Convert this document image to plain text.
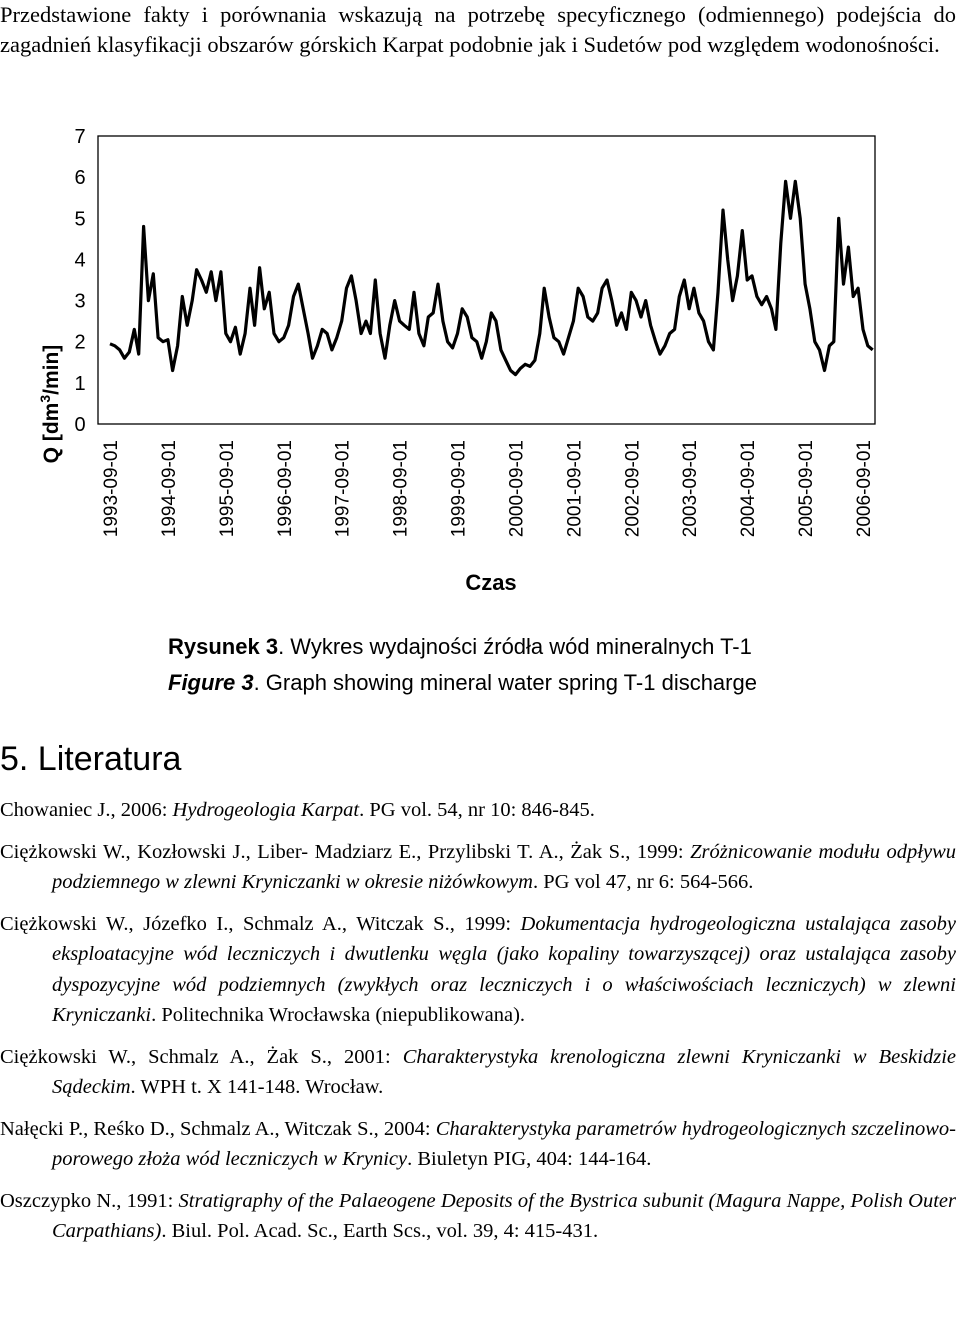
Przedstawione fakty i porównania wskazują na potrzebę specyficznego (odmiennego) podejścia do zagadnień klasyfikacji obszarów górskich Karpat podobnie jak i Sudetów pod względem wodonośności.

0
1
2
3
4
5
6
7
1993-09-01 1994-09-01 1995-09-01 1996-09-01 1997-09-01 1998-09-01 1999-09-01 2000-09-01 2001-09-01 2002-09-01 2003-09-01 2004-09-01 2005-09-01 2006-09-01
Q $[dm^3/\min]$
Czas
Rysunek 3. Wykres wydajności źródła wód mineralnych T-1
Figure 3. Graph showing mineral water spring T-1 discharge
5. Literatura

Chowaniec J., 2006: Hydrogeologia Karpat. PG vol. 54, nr 10: 846-845.

Ciężkowski W., Kozłowski J., Liber- Madziarz E., Przylibski T. A., Żak S., 1999: Zróżnicowanie modułu odpływu podziemnego w zlewni Kryniczanki w okresie niżówkowym. PG vol 47, nr 6: 564-566.

Ciężkowski W., Józefko I., Schmalz A., Witczak S., 1999: Dokumentacja hydrogeologiczna ustalająca zasoby eksploatacyjne wód leczniczych i dwutlenku węgla (jako kopaliny towarzyszącej) oraz ustalająca zasoby dyspozycyjne wód podziemnych (zwykłych oraz leczniczych i o właściwościach leczniczych) w zlewni Kryniczanki. Politechnika Wrocławska (niepublikowana).

Ciężkowski W., Schmalz A., Żak S., 2001: Charakterystyka krenologiczna zlewni Kryniczanki w Beskidzie Sądeckim. WPH t. X 141-148. Wrocław.

Nałęcki P., Reśko D., Schmalz A., Witczak S., 2004: Charakterystyka parametrów hydrogeologicznych szczelinowo-porowego złoża wód leczniczych w Krynicy. Biuletyn PIG, 404: 144-164.

Oszczypko N., 1991: Stratigraphy of the Palaeogene Deposits of the Bystrica subunit (Magura Nappe, Polish Outer Carpathians). Biul. Pol. Acad. Sc., Earth Scs., vol. 39, 4: 415-431.
